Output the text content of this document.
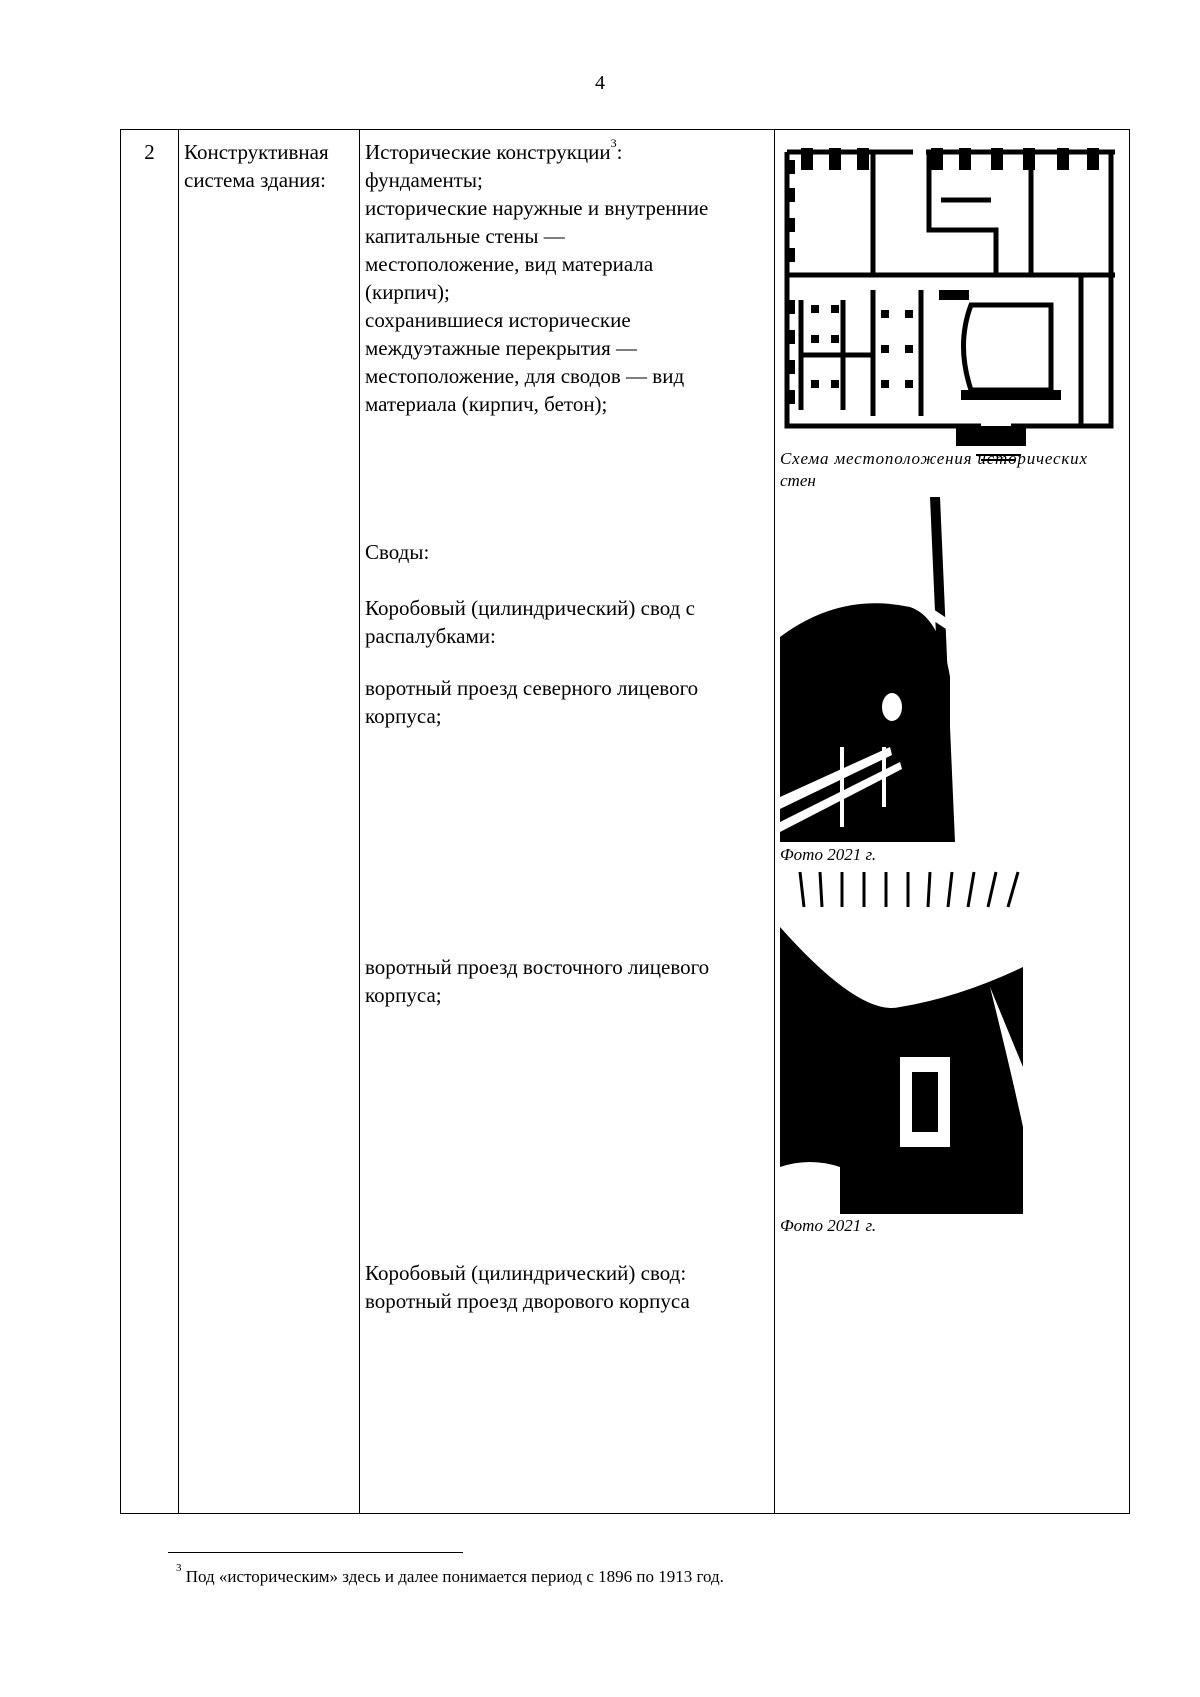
4
2	Конструктивная
система здания:
Исторические конструкции$^3$:
фундаменты;
исторические наружные и внутренние
капитальные стены —
местоположение, вид материала
(кирпич);
сохранившиеся исторические
междуэтажные перекрытия —
местоположение, для сводов — вид
материала (кирпич, бетон);
Своды:
Коробовый (цилиндрический) свод с
распалубками:
воротный проезд северного лицевого
корпуса;
воротный проезд восточного лицевого
корпуса;
Коробовый (цилиндрический) свод:
воротный проезд дворового корпуса
Схема местоположения исторических
стен
Фото 2021 г.
Фото 2021 г.
$^3$ Под «историческим» здесь и далее понимается период с 1896 по 1913 год.
